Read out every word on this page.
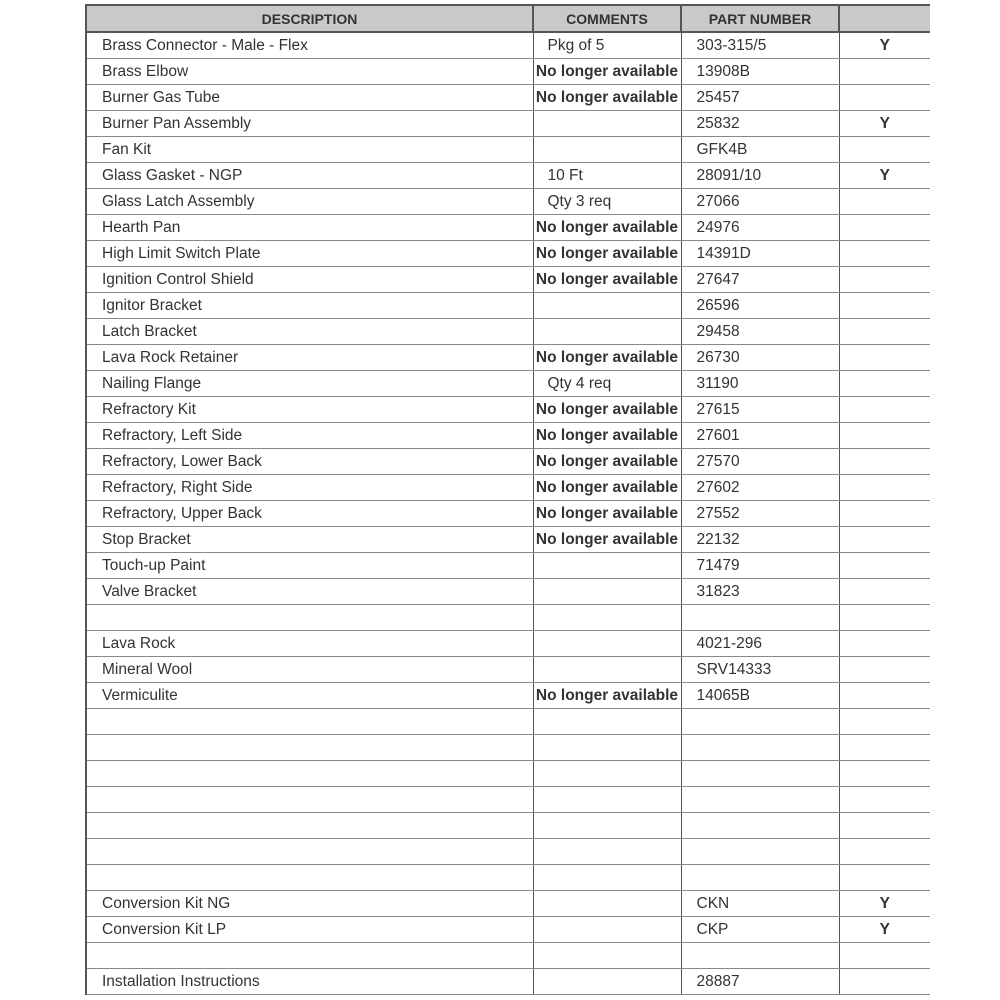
DESCRIPTION	COMMENTS	PART NUMBER	
Brass Connector - Male - Flex	Pkg of 5	303-315/5	Y
Brass Elbow	No longer available	13908B	
Burner Gas Tube	No longer available	25457	
Burner Pan Assembly		25832	Y
Fan Kit		GFK4B	
Glass Gasket - NGP	10 Ft	28091/10	Y
Glass Latch Assembly	Qty 3 req	27066	
Hearth Pan	No longer available	24976	
High Limit Switch Plate	No longer available	14391D	
Ignition Control Shield	No longer available	27647	
Ignitor Bracket		26596	
Latch Bracket		29458	
Lava Rock Retainer	No longer available	26730	
Nailing Flange	Qty 4 req	31190	
Refractory Kit	No longer available	27615	
Refractory, Left Side	No longer available	27601	
Refractory, Lower Back	No longer available	27570	
Refractory, Right Side	No longer available	27602	
Refractory, Upper Back	No longer available	27552	
Stop Bracket	No longer available	22132	
Touch-up Paint		71479	
Valve Bracket		31823	

Lava Rock		4021-296	
Mineral Wool		SRV14333	
Vermiculite	No longer available	14065B	

Conversion Kit NG		CKN	Y
Conversion Kit LP		CKP	Y

Installation Instructions		28887	
